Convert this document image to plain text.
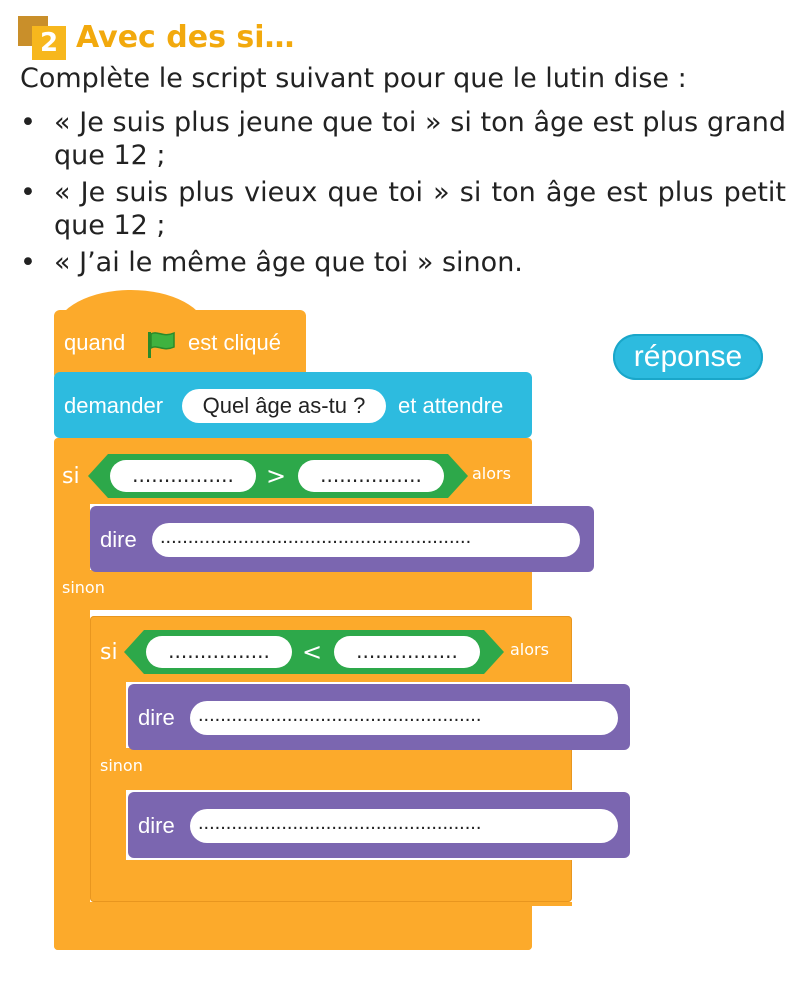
2 Avec des si…
Complète le script suivant pour que le lutin dise :
• « Je suis plus jeune que toi » si ton âge est plus grand que 12 ;
• « Je suis plus vieux que toi » si ton âge est plus petit que 12 ;
• « J’ai le même âge que toi » sinon.
quand	est cliqué
demander	Quel âge as-tu ?	et attendre
si	................	>	................	alors
dire	........................................................
sinon
si	................	<	................	alors
dire	...................................................
sinon
dire	...................................................
réponse
